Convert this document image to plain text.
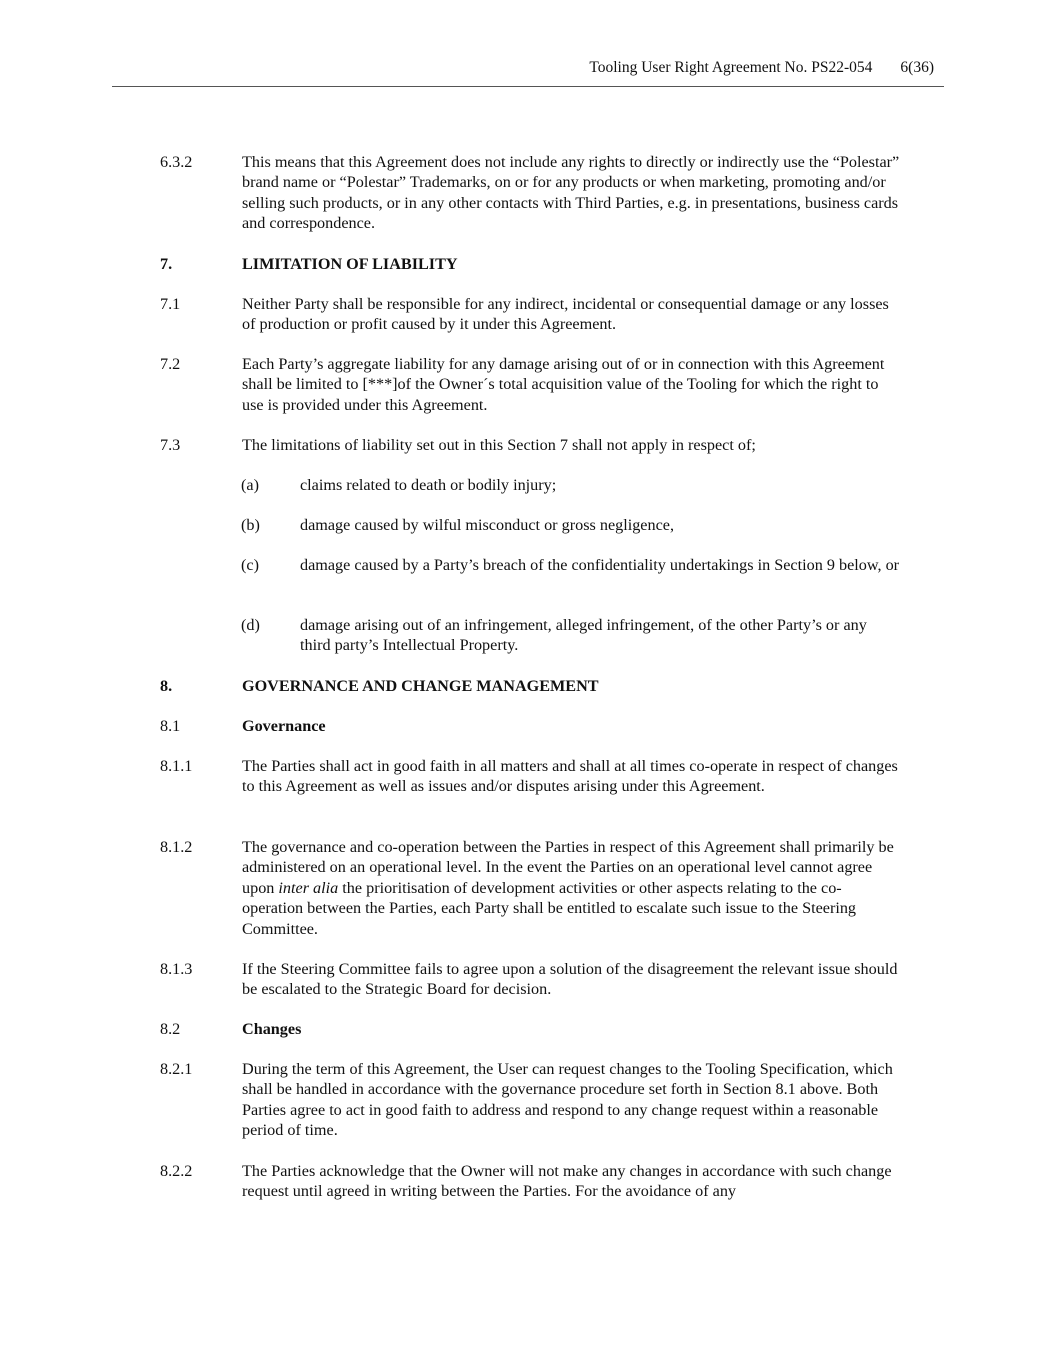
Tooling User Right Agreement No. PS22-054 6(36)
6.3.2	This means that this Agreement does not include any rights to directly or indirectly use the “Polestar” brand name or “Polestar” Trademarks, on or for any products or when marketing, promoting and/or selling such products, or in any other contacts with Third Parties, e.g. in presentations, business cards and correspondence.
7.	LIMITATION OF LIABILITY
7.1	Neither Party shall be responsible for any indirect, incidental or consequential damage or any losses of production or profit caused by it under this Agreement.
7.2	Each Party’s aggregate liability for any damage arising out of or in connection with this Agreement shall be limited to [***]of the Owner´s total acquisition value of the Tooling for which the right to use is provided under this Agreement.
7.3	The limitations of liability set out in this Section 7 shall not apply in respect of;
(a)	claims related to death or bodily injury;
(b) damage caused by wilful misconduct or gross negligence,
(c)	damage caused by a Party’s breach of the confidentiality undertakings in Section 9 below, or
(d) damage arising out of an infringement, alleged infringement, of the other Party’s or any third party’s Intellectual Property.
8.	GOVERNANCE AND CHANGE MANAGEMENT
8.1	Governance
8.1.1	The Parties shall act in good faith in all matters and shall at all times co-operate in respect of changes to this Agreement as well as issues and/or disputes arising under this Agreement.
8.1.2	The governance and co-operation between the Parties in respect of this Agreement shall primarily be administered on an operational level. In the event the Parties on an operational level cannot agree upon inter alia the prioritisation of development activities or other aspects relating to the co-operation between the Parties, each Party shall be entitled to escalate such issue to the Steering Committee.
8.1.3	If the Steering Committee fails to agree upon a solution of the disagreement the relevant issue should be escalated to the Strategic Board for decision.
8.2	Changes
8.2.1	During the term of this Agreement, the User can request changes to the Tooling Specification, which shall be handled in accordance with the governance procedure set forth in Section 8.1 above. Both Parties agree to act in good faith to address and respond to any change request within a reasonable period of time.
8.2.2	The Parties acknowledge that the Owner will not make any changes in accordance with such change request until agreed in writing between the Parties. For the avoidance of any
